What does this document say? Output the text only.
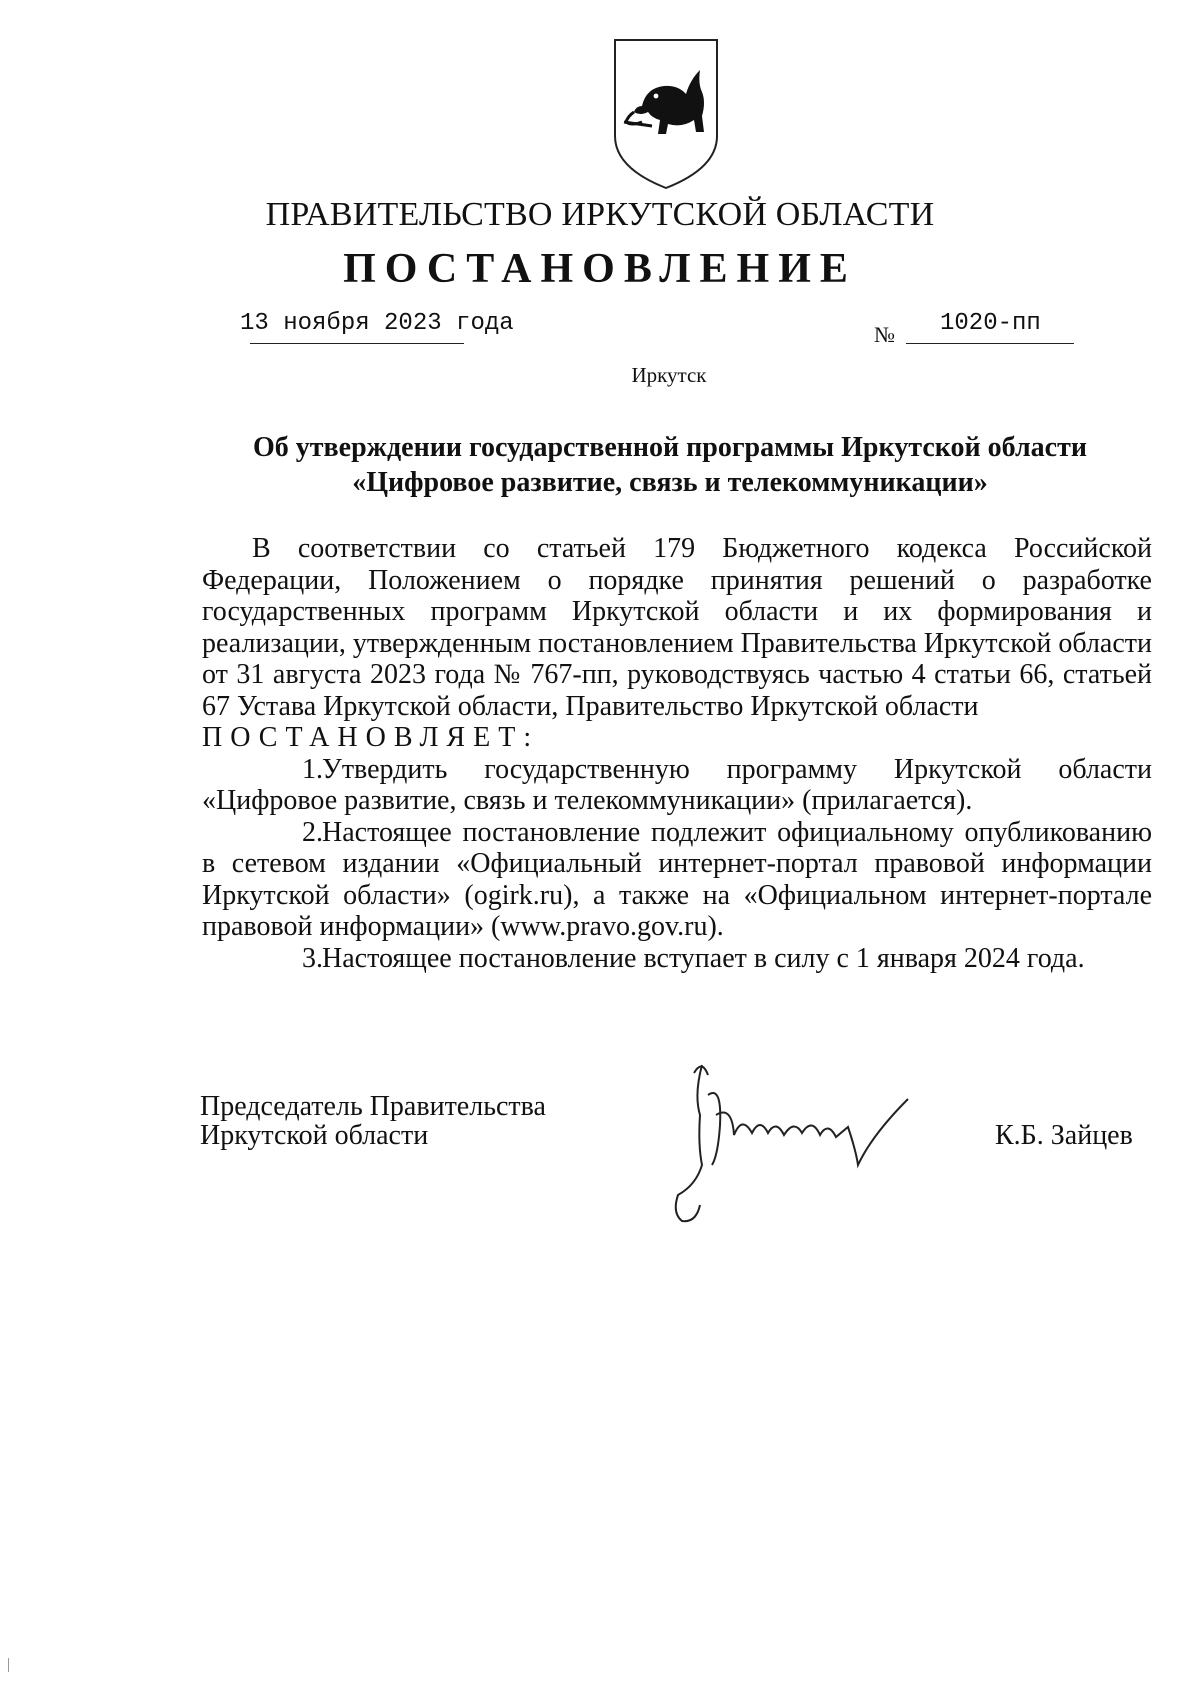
ПРАВИТЕЛЬСТВО ИРКУТСКОЙ ОБЛАСТИ
ПОСТАНОВЛЕНИЕ
13 ноября 2023 года	№ 1020-пп
Иркутск
Об утверждении государственной программы Иркутской области
«Цифровое развитие, связь и телекоммуникации»

В соответствии со статьей 179 Бюджетного кодекса Российской Федерации, Положением о порядке принятия решений о разработке государственных программ Иркутской области и их формирования и реализации, утвержденным постановлением Правительства Иркутской области от 31 августа 2023 года № 767-пп, руководствуясь частью 4 статьи 66, статьей 67 Устава Иркутской области, Правительство Иркутской области

ПОСТАНОВЛЯЕТ:

1.Утвердить государственную программу Иркутской области «Цифровое развитие, связь и телекоммуникации» (прилагается).

2.Настоящее постановление подлежит официальному опубликованию в сетевом издании «Официальный интернет-портал правовой информации Иркутской области» (ogirk.ru), а также на «Официальном интернет-портале правовой информации» (www.pravo.gov.ru).

3.Настоящее постановление вступает в силу с 1 января 2024 года.

Председатель Правительства
Иркутской области	К.Б. Зайцев
